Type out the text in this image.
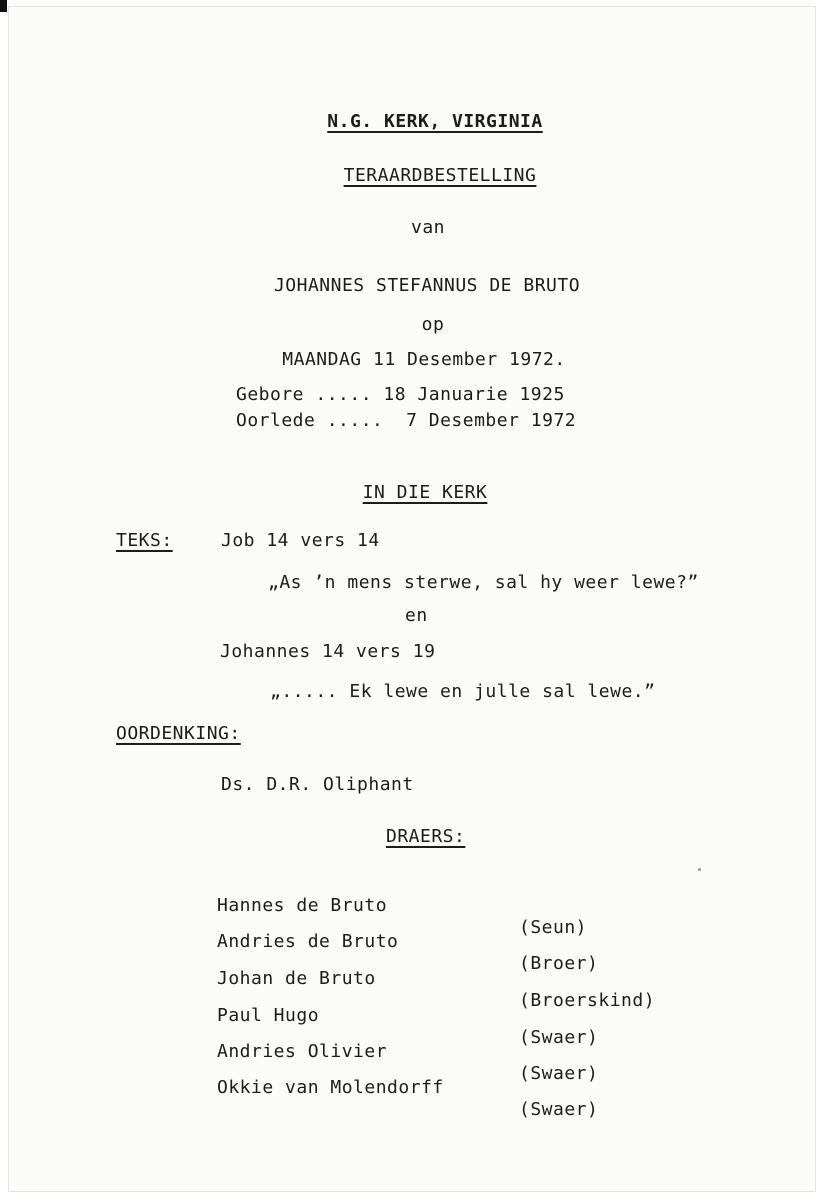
N.G. KERK, VIRGINIA
TERAARDBESTELLING
van
JOHANNES STEFANNUS DE BRUTO
op
MAANDAG 11 Desember 1972.
Gebore ..... 18 Januarie 1925
Oorlede ..... 7 Desember 1972
IN DIE KERK
TEKS:	Job 14 vers 14
„As ’n mens sterwe, sal hy weer lewe?”
en
Johannes 14 vers 19
„..... Ek lewe en julle sal lewe.”
OORDENKING:
Ds. D.R. Oliphant
DRAERS:

Hannes de Bruto

(Seun)

Andries de Bruto

(Broer)

Johan de Bruto

(Broerskind)

Paul Hugo

(Swaer)

Andries Olivier

(Swaer)

Okkie van Molendorff

(Swaer)
